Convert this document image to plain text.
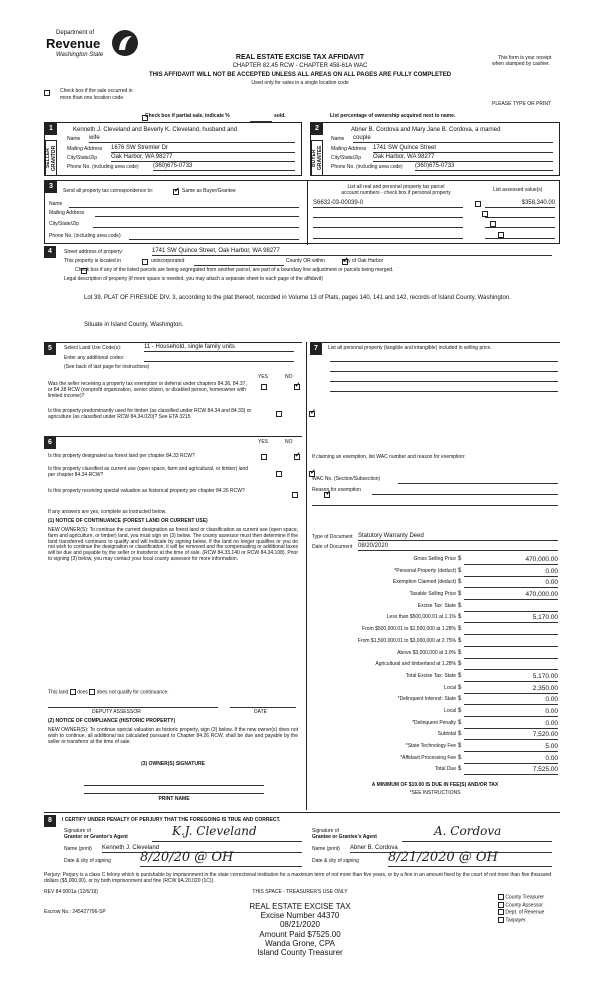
Department of
Revenue
Washington State	REAL ESTATE EXCISE TAX AFFIDAVIT
CHAPTER 82.45 RCW - CHAPTER 458-61A WAC
THIS AFFIDAVIT WILL NOT BE ACCEPTED UNLESS ALL AREAS ON ALL PAGES ARE FULLY COMPLETED
Used only for sales in a single location code
This form is your receipt
when stamped by cashier.

Check box if the sale occurred in
more than one location code.
PLEASE TYPE OR PRINT
Check box if partial sale, indicate %	sold.	List percentage of ownership acquired next to name.
1
SELLER GRANTOR
Kenneth J. Cleveland and Beverly K. Cleveland, husband and
Name wife
Mailing Address 1676 SW Stremler Dr
City/State/Zip Oak Harbor, WA 98277
Phone No. (including area code) (360)675-0733
2
BUYER GRANTEE
Abner B. Cordova and Mary Jane B. Cordova, a married
Name couple
Mailing Address 1741 SW Quince Street
City/State/Zip Oak Harbor, WA 98277
Phone No. (including area code) (360)675-0733
3
Send all property tax correspondence to: ✓	Same as Buyer/Grantee
Name
Mailing Address
City/State/Zip
Phone No. (including area code)
List all real and personal property tax parcel
account numbers - check box if personal property	List assessed value(s)
S6632-03-00039-0
	$358,340.00

4	Street address of property:	1741 SW Quince Street, Oak Harbor, WA 98277
This property is located in
	unincorporated	County OR within ✓	city of Oak Harbor
Check box if any of the listed parcels are being segregated from another parcel, are part of a boundary line adjustment or parcels being merged.
Legal description of property (if more space is needed, you may attach a separate sheet to each page of the affidavit)
Lot 39, PLAT OF FIRESIDE DIV. 3, according to the plat thereof, recorded in Volume 13 of Plats, pages 140, 141 and 142, records of Island County, Washington.
Situate in Island County, Washington.
5	Select Land Use Code(s):	11 - Household, single family units
Enter any additional codes:
(See back of last page for instructions)
YES	NO
Was the seller receiving a property tax exemption or deferral under chapters 84.36, 84.37, or 84.38 RCW (nonprofit organization, senior citizen, or disabled person, homeowner with limited income)?
✓
Is this property predominantly used for timber (as classified under RCW 84.34 and 84.33) or agriculture (as classified under RCW 84.34.020)? See ETA 3215
✓
6	YES	NO
Is this property designated as forest land per chapter 84.33 RCW?
✓
Is this property classified as current use (open space, farm and agricultural, or timber) land per chapter 84.34 RCW?
✓
Is this property receiving special valuation as historical property per chapter 84.26 RCW?
✓
If any answers are yes, complete as instructed below.
(1) NOTICE OF CONTINUANCE (FOREST LAND OR CURRENT USE)
NEW OWNER(S): To continue the current designation as forest land or classification as current use (open space, farm and agriculture, or timber) land, you must sign on (3) below. The county assessor must then determine if the land transferred continues to qualify and will indicate by signing below. If the land no longer qualifies or you do not wish to continue the designation or classification, it will be removed and the compensating or additional taxes will be due and payable by the seller or transferor at the time of sale. (RCW 84.33.140 or RCW 84.34.108). Prior to signing (3) below, you may contact your local county assessor for more information.
This land does does not qualify for continuance.
DEPUTY ASSESSOR	DATE
(2) NOTICE OF COMPLIANCE (HISTORIC PROPERTY)
NEW OWNER(S): To continue special valuation as historic property, sign (3) below. If the new owner(s) does not wish to continue, all additional tax calculated pursuant to Chapter 84.26 RCW, shall be due and payable by the seller or transferor at the time of sale.
(3) OWNER(S) SIGNATURE
PRINT NAME
7	List all personal property (tangible and intangible) included in selling price.
If claiming an exemption, list WAC number and reason for exemption:
WAC No. (Section/Subsection)
Reason for exemption
Type of Document Statutory Warranty Deed
Date of Document 08/20/2020
Gross Selling Price $	470,000.00
*Personal Property (deduct) $	0.00
Exemption Claimed (deduct) $	0.00
Taxable Selling Price $	470,000.00
Excise Tax: State $
Less than $500,000.01 at 1.1% $	5,170.00
From $500,000.01 to $1,500,000 at 1.28% $
From $1,500,000.01 to $3,000,000 at 2.75% $
Above $3,000,000 at 3.0% $
Agricultural and timberland at 1.28% $
Total Excise Tax: State $	5,170.00
Local $	2,350.00
*Delinquent Interest: State $	0.00
Local $	0.00
*Delinquent Penalty $	0.00
Subtotal $	7,520.00
*State Technology Fee $	5.00
*Affidavit Processing Fee $	0.00
Total Due $	7,525.00
A MINIMUM OF $10.00 IS DUE IN FEE(S) AND/OR TAX
*SEE INSTRUCTIONS
8	I CERTIFY UNDER PENALTY OF PERJURY THAT THE FOREGOING IS TRUE AND CORRECT.
Signature of
Grantor or Grantor's Agent	K.J. Cleveland
Name (print) Kenneth J. Cleveland
Date & city of signing 8/20/20 @ OH
Signature of
Grantee or Grantee's Agent	A. Cordova
Name (print) Abner B. Cordova
Date & city of signing 8/21/2020 @ OH
Perjury: Perjury is a class C felony which is punishable by imprisonment in the state correctional institution for a maximum term of not more than five years, or by a fine in an amount fixed by the court of not more than five thousand dollars ($5,000.00), or by both imprisonment and fine (RCW 9A.20.020 (1C)).
REV 84 0001a (12/6/19)	THIS SPACE - TREASURER'S USE ONLY
Escrow No.: 245427796-SP
REAL ESTATE EXCISE TAX
Excise Number 44370
08/21/2020
Amount Paid $7525.00
Wanda Grone, CPA
Island County Treasurer
County Treasurer
County Assessor
Dept. of Revenue
Taxpayer
